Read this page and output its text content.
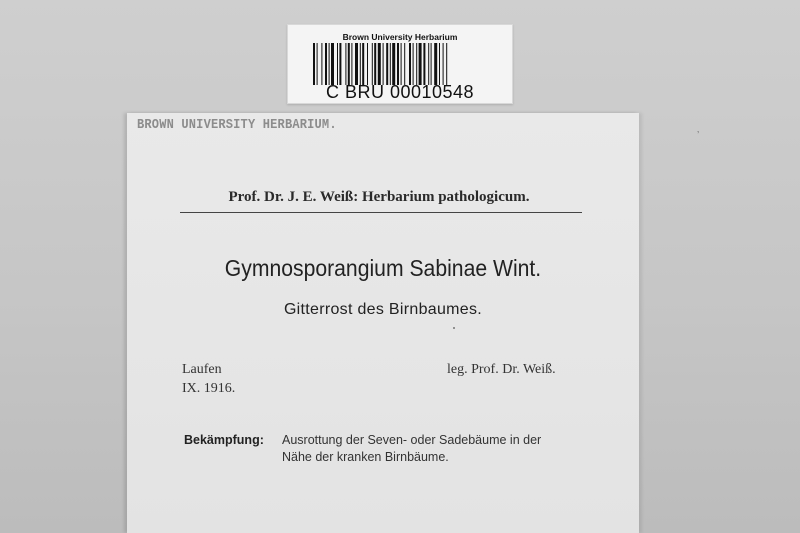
’
Brown University Herbarium
C BRU 00010548
BROWN UNIVERSITY HERBARIUM.
Prof. Dr. J. E. Weiß: Herbarium pathologicum.
Gymnosporangium Sabinae Wint.
Gitterrost des Birnbaumes.
Laufen
IX. 1916.
leg. Prof. Dr. Weiß.
Bekämpfung: Ausrottung der Seven- oder Sadebäume in der
Nähe der kranken Birnbäume.
